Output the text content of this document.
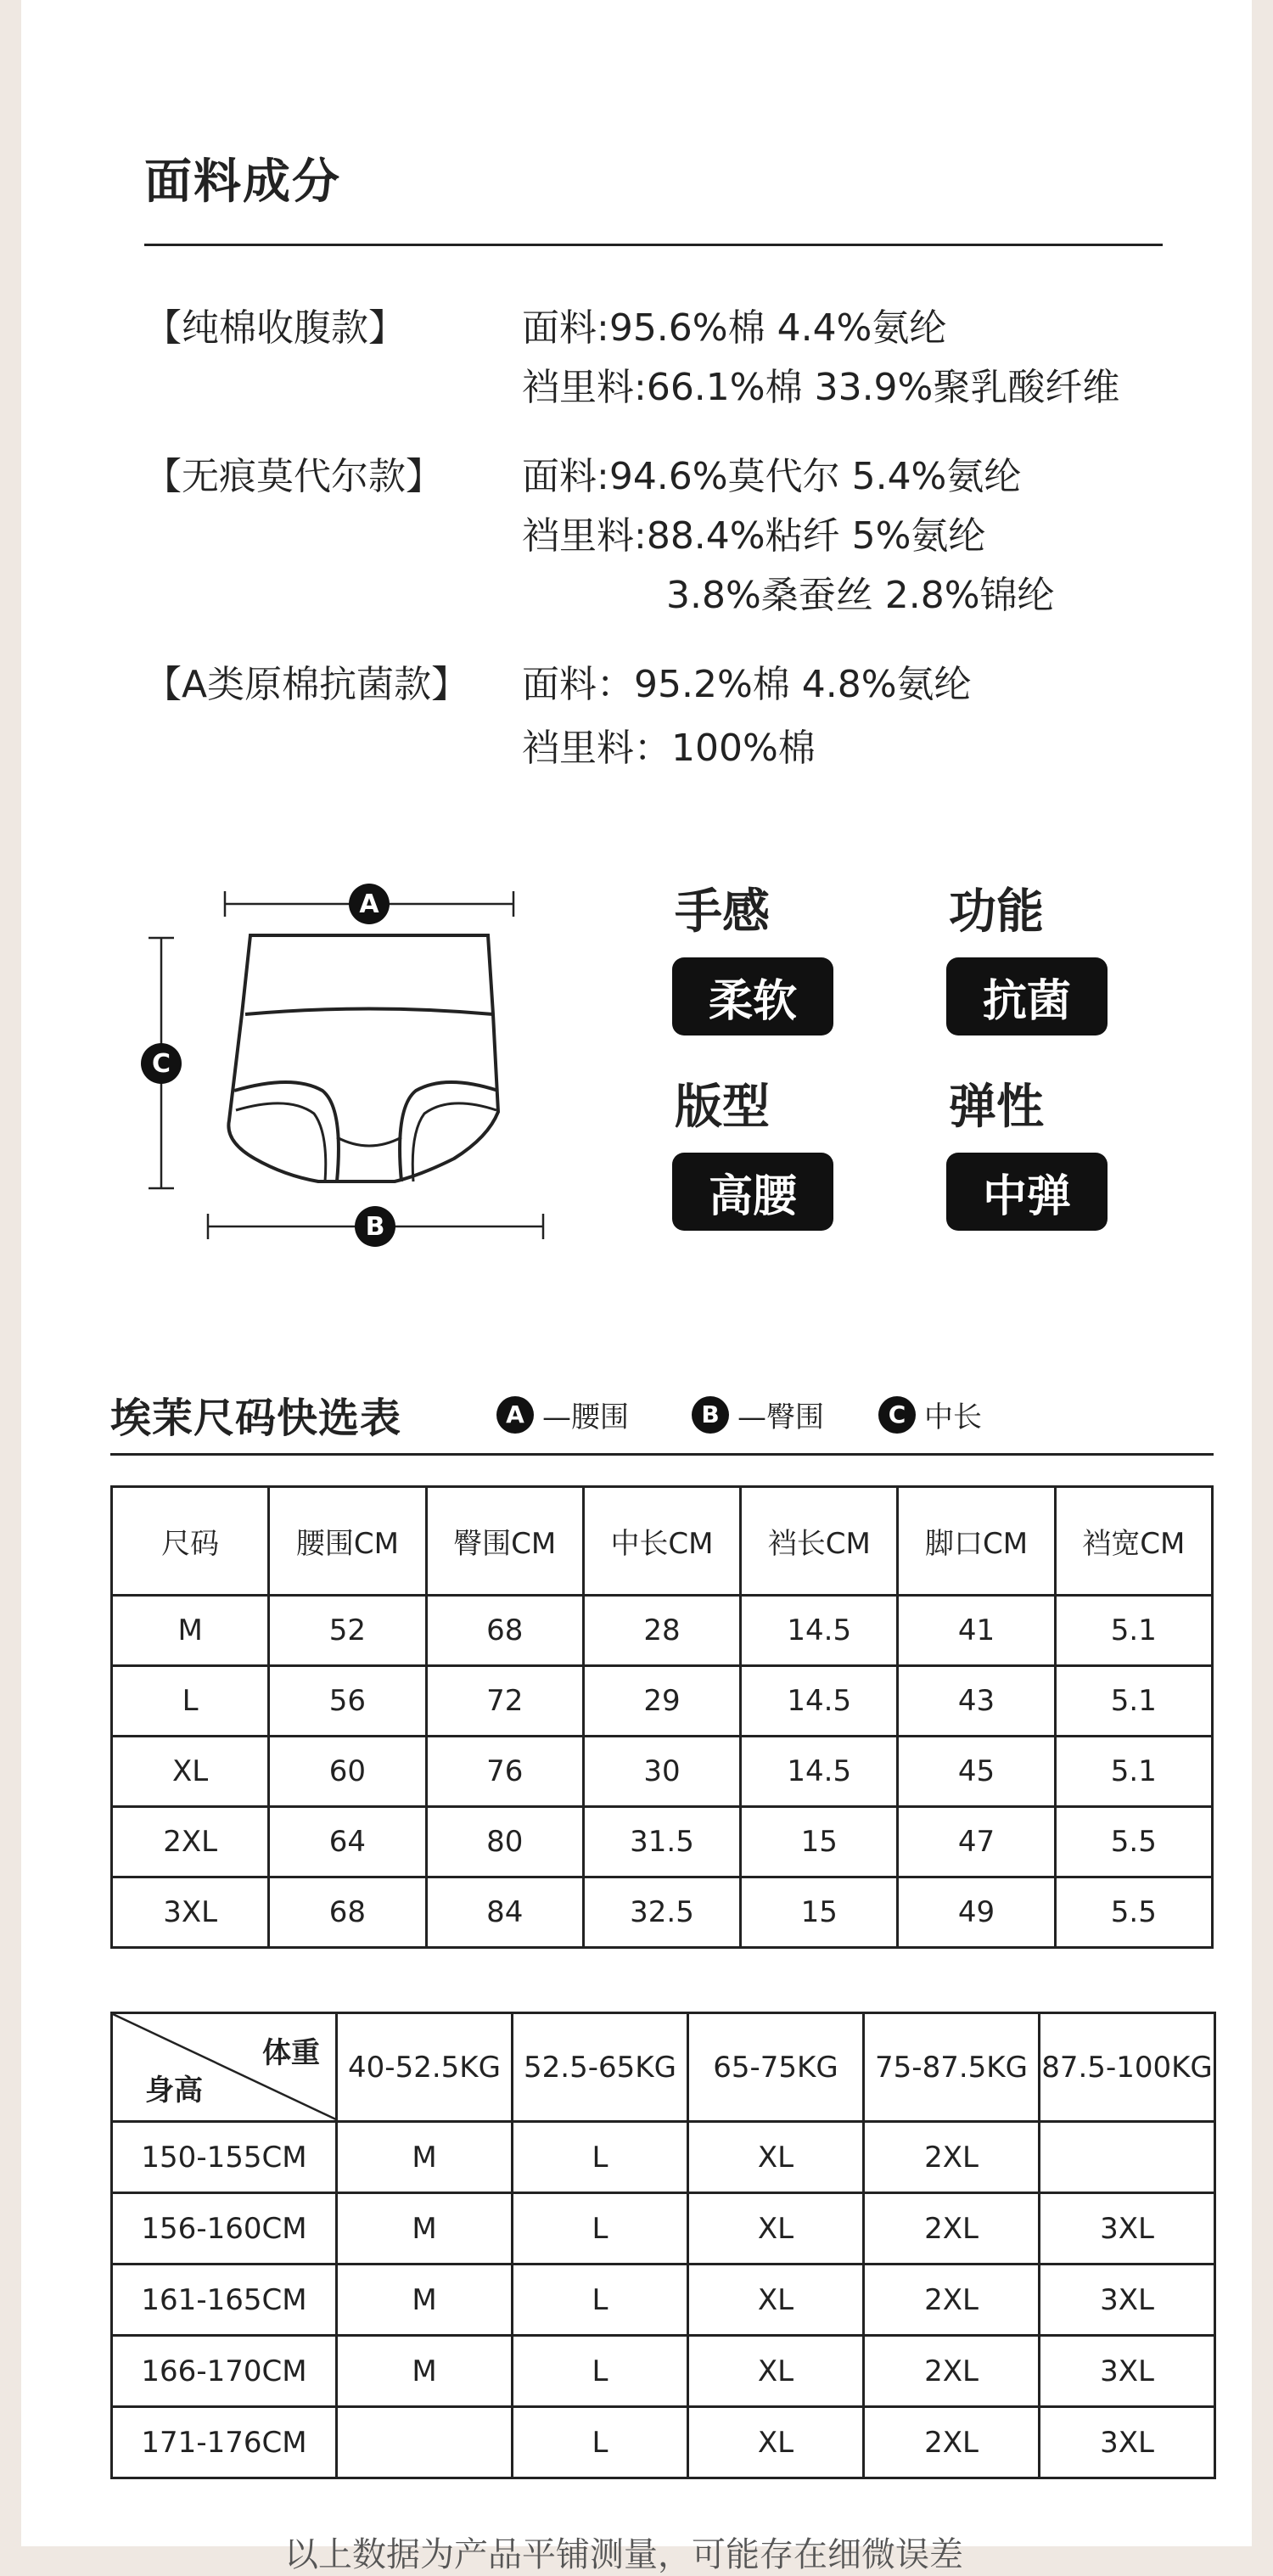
面料成分
【纯棉收腹款】	面料:95.6%棉 4.4%氨纶
裆里料:66.1%棉 33.9%聚乳酸纤维
【无痕莫代尔款】 面料:94.6%莫代尔 5.4%氨纶
裆里料:88.4%粘纤 5%氨纶
3.8%桑蚕丝 2.8%锦纶
【A类原棉抗菌款】 面料：95.2%棉 4.8%氨纶
裆里料：100%棉
A
C
B
手感
柔软
功能
抗菌
版型
高腰
弹性
中弹
埃茉尺码快选表	A —腰围	B —臀围	C 中长
尺码	腰围CM	臀围CM	中长CM	裆长CM	脚口CM	裆宽CM
M	52	68	28	14.5	41	5.1
L	56	72	29	14.5	43	5.1
XL	60	76	30	14.5	45	5.1
2XL	64	80	31.5	15	47	5.5
3XL	68	84	32.5	15	49	5.5
体重
身高	40-52.5KG	52.5-65KG	65-75KG	75-87.5KG	87.5-100KG
150-155CM	M	L	XL	2XL	
156-160CM	M	L	XL	2XL	3XL
161-165CM	M	L	XL	2XL	3XL
166-170CM	M	L	XL	2XL	3XL
171-176CM		L	XL	2XL	3XL
以上数据为产品平铺测量，可能存在细微误差
